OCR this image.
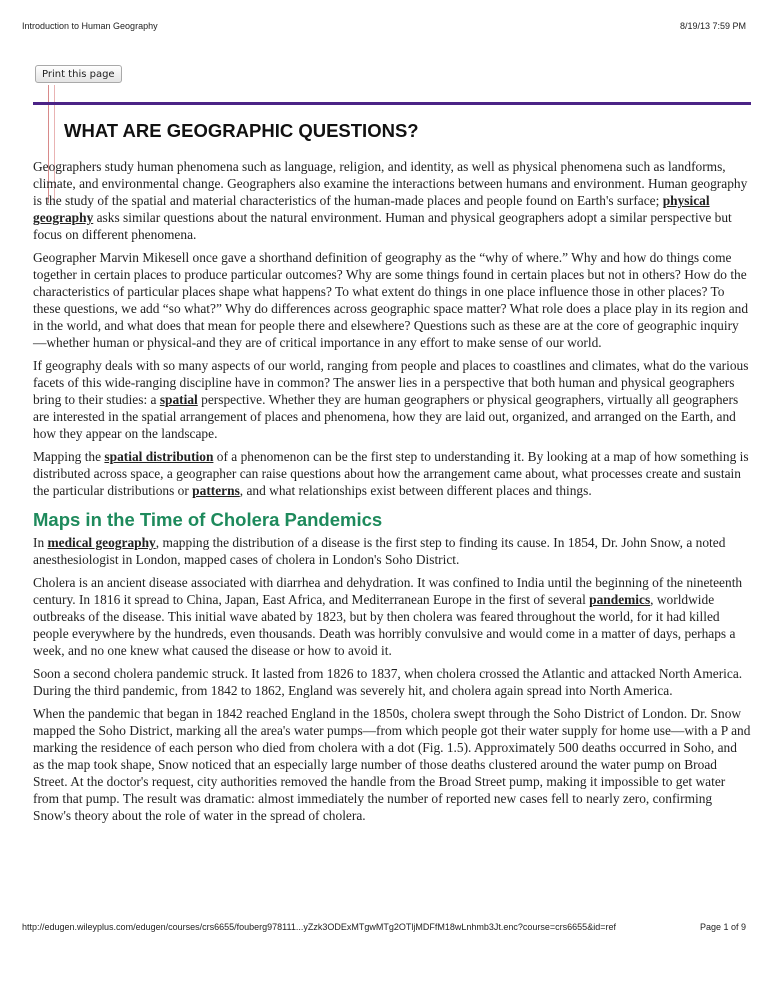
Introduction to Human Geography	8/19/13 7:59 PM
Print this page
WHAT ARE GEOGRAPHIC QUESTIONS?

Geographers study human phenomena such as language, religion, and identity, as well as physical phenomena such as landforms, climate, and environmental change. Geographers also examine the interactions between humans and environment. Human geography is the study of the spatial and material characteristics of the human-made places and people found on Earth's surface; physical geography asks similar questions about the natural environment. Human and physical geographers adopt a similar perspective but focus on different phenomena.

Geographer Marvin Mikesell once gave a shorthand definition of geography as the “why of where.” Why and how do things come together in certain places to produce particular outcomes? Why are some things found in certain places but not in others? How do the characteristics of particular places shape what happens? To what extent do things in one place influence those in other places? To these questions, we add “so what?” Why do differences across geographic space matter? What role does a place play in its region and in the world, and what does that mean for people there and elsewhere? Questions such as these are at the core of geographic inquiry—whether human or physical-and they are of critical importance in any effort to make sense of our world.

If geography deals with so many aspects of our world, ranging from people and places to coastlines and climates, what do the various facets of this wide-ranging discipline have in common? The answer lies in a perspective that both human and physical geographers bring to their studies: a spatial perspective. Whether they are human geographers or physical geographers, virtually all geographers are interested in the spatial arrangement of places and phenomena, how they are laid out, organized, and arranged on the Earth, and how they appear on the landscape.

Mapping the spatial distribution of a phenomenon can be the first step to understanding it. By looking at a map of how something is distributed across space, a geographer can raise questions about how the arrangement came about, what processes create and sustain the particular distributions or patterns, and what relationships exist between different places and things.

Maps in the Time of Cholera Pandemics

In medical geography, mapping the distribution of a disease is the first step to finding its cause. In 1854, Dr. John Snow, a noted anesthesiologist in London, mapped cases of cholera in London's Soho District.

Cholera is an ancient disease associated with diarrhea and dehydration. It was confined to India until the beginning of the nineteenth century. In 1816 it spread to China, Japan, East Africa, and Mediterranean Europe in the first of several pandemics, worldwide outbreaks of the disease. This initial wave abated by 1823, but by then cholera was feared throughout the world, for it had killed people everywhere by the hundreds, even thousands. Death was horribly convulsive and would come in a matter of days, perhaps a week, and no one knew what caused the disease or how to avoid it.

Soon a second cholera pandemic struck. It lasted from 1826 to 1837, when cholera crossed the Atlantic and attacked North America. During the third pandemic, from 1842 to 1862, England was severely hit, and cholera again spread into North America.

When the pandemic that began in 1842 reached England in the 1850s, cholera swept through the Soho District of London. Dr. Snow mapped the Soho District, marking all the area's water pumps—from which people got their water supply for home use—with a P and marking the residence of each person who died from cholera with a dot (Fig. 1.5). Approximately 500 deaths occurred in Soho, and as the map took shape, Snow noticed that an especially large number of those deaths clustered around the water pump on Broad Street. At the doctor's request, city authorities removed the handle from the Broad Street pump, making it impossible to get water from that pump. The result was dramatic: almost immediately the number of reported new cases fell to nearly zero, confirming Snow's theory about the role of water in the spread of cholera.

http://edugen.wileyplus.com/edugen/courses/crs6655/fouberg978111...yZzk3ODExMTgwMTg2OTljMDFfM18wLnhmb3Jt.enc?course=crs6655&id=ref	Page 1 of 9
